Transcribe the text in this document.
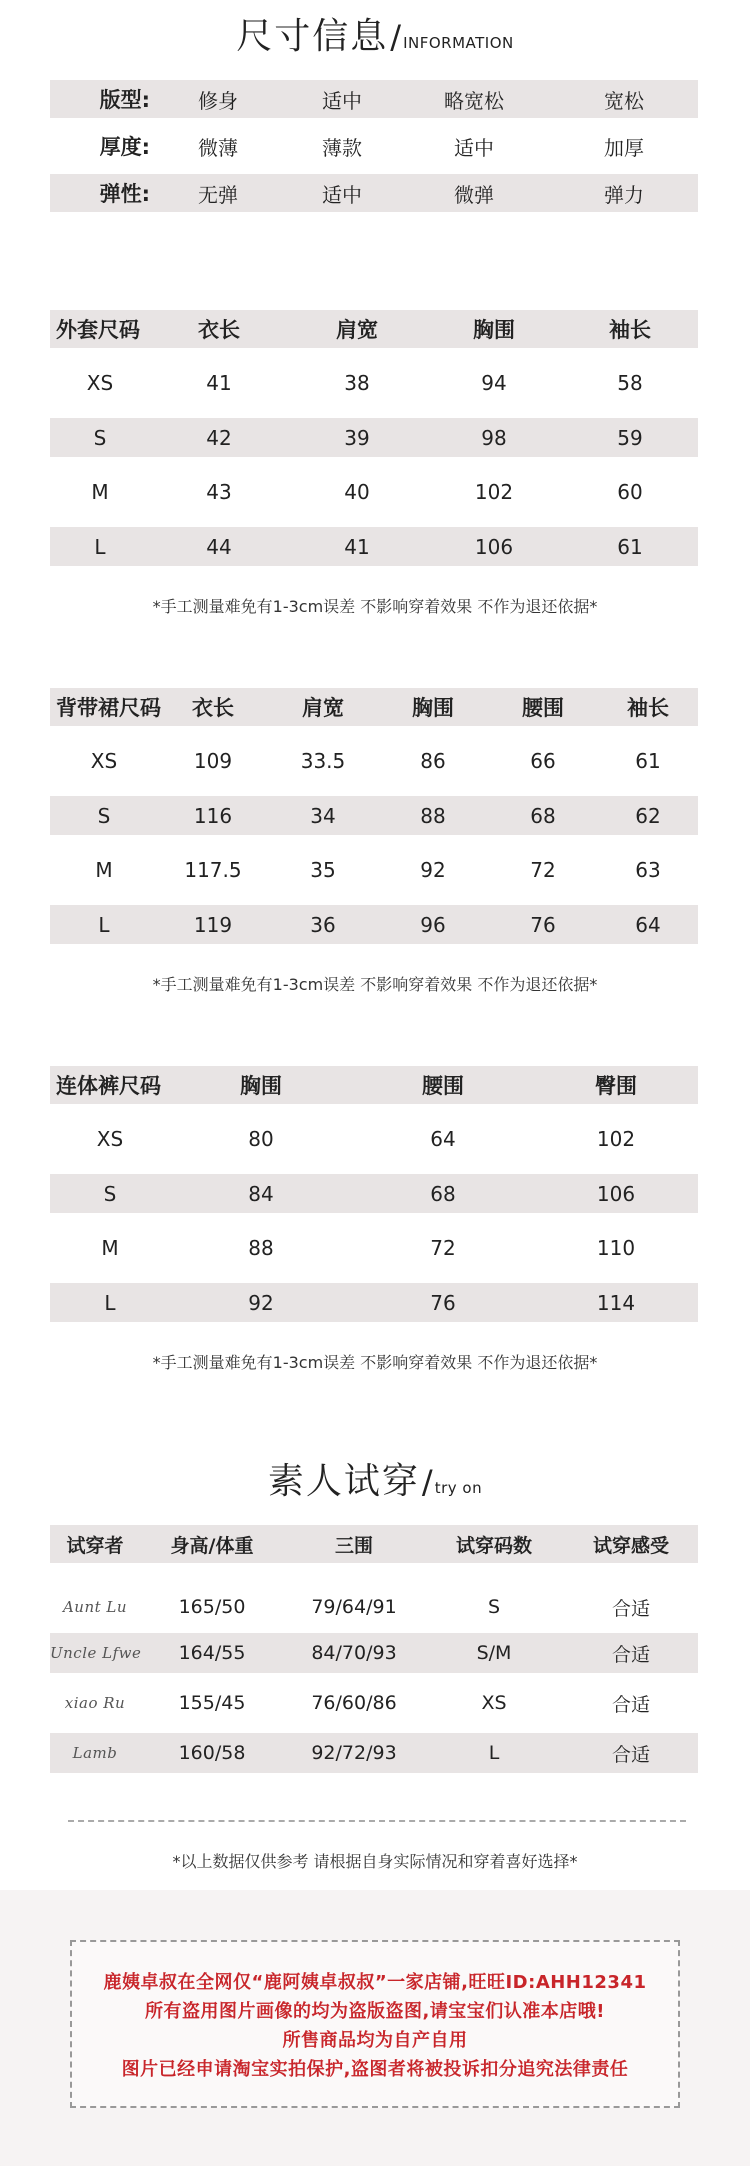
尺寸信息/ INFORMATION
版型:	修身	适中	略宽松	宽松
厚度:	微薄	薄款	适中	加厚
弹性:	无弹	适中	微弹	弹力
外套尺码	衣长	肩宽	胸围	袖长
XS	41	38	94	58
S	42	39	98	59
M	43	40	102	60
L	44	41	106	61
*手工测量难免有1-3cm误差 不影响穿着效果 不作为退还依据*
背带裙尺码	衣长	肩宽	胸围	腰围	袖长
XS	109	33.5	86	66	61
S	116	34	88	68	62
M	117.5	35	92	72	63
L	119	36	96	76	64
*手工测量难免有1-3cm误差 不影响穿着效果 不作为退还依据*
连体裤尺码	胸围	腰围	臀围
XS	80	64	102
S	84	68	106
M	88	72	110
L	92	76	114
*手工测量难免有1-3cm误差 不影响穿着效果 不作为退还依据*
素人试穿/ try on
试穿者	身高/体重	三围	试穿码数	试穿感受
Aunt Lu	165/50	79/64/91	S	合适
Uncle Lfwe	164/55	84/70/93	S/M	合适
xiao Ru	155/45	76/60/86	XS	合适
Lamb	160/58	92/72/93	L	合适
*以上数据仅供参考 请根据自身实际情况和穿着喜好选择*
鹿姨卓叔在全网仅“鹿阿姨卓叔叔”一家店铺,旺旺ID:AHH12341
所有盗用图片画像的均为盗版盗图,请宝宝们认准本店哦!
所售商品均为自产自用
图片已经申请淘宝实拍保护,盗图者将被投诉扣分追究法律责任
